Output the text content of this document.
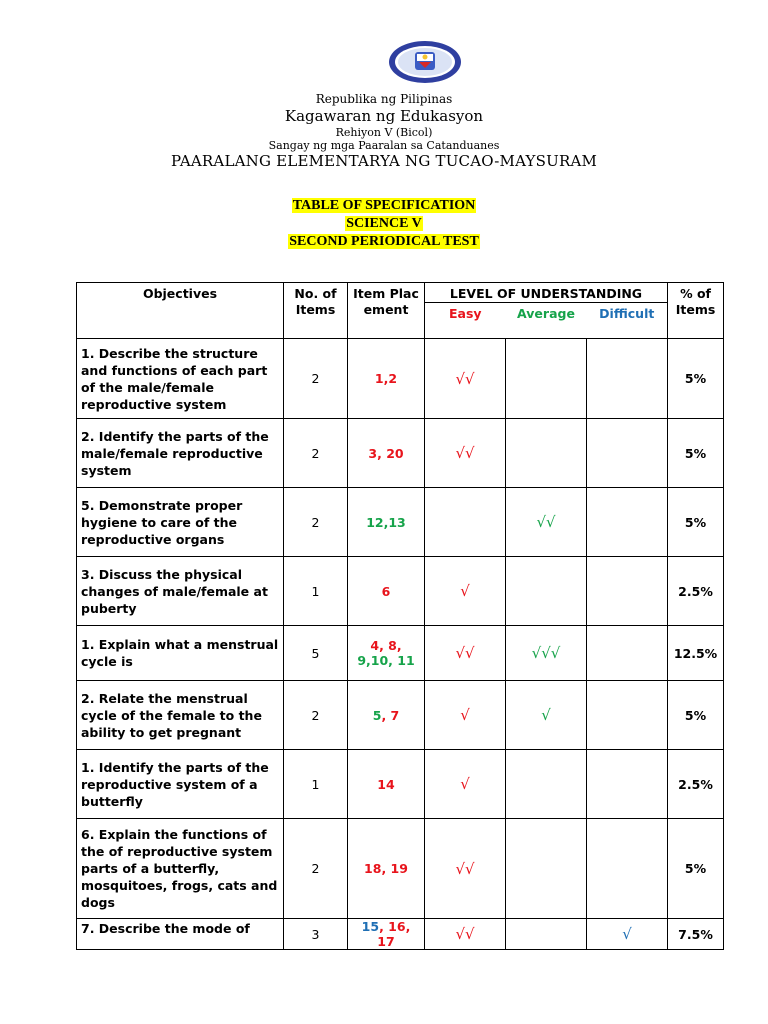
Republika ng Pilipinas
Kagawaran ng Edukasyon
Rehiyon V (Bicol)
Sangay ng mga Paaralan sa Catanduanes
PAARALANG ELEMENTARYA NG TUCAO-MAYSURAM
TABLE OF SPECIFICATION
SCIENCE V
SECOND PERIODICAL TEST
Objectives	No. of Items	Item Placement	LEVEL OF UNDERSTANDING			% of Items
			Easy	Average	Difficult	
1. Describe the structure and functions of each part of the male/female reproductive system	2	1,2	√√			5%
2. Identify the parts of the male/female reproductive system	2	3, 20	√√			5%
5. Demonstrate proper hygiene to care of the reproductive organs	2	12,13		√√		5%
3. Discuss the physical changes of male/female at puberty	1	6	√			2.5%
1. Explain what a menstrual cycle is	5	4, 8, 9,10, 11	√√	√√√		12.5%
2. Relate the menstrual cycle of the female to the ability to get pregnant	2	5, 7	√	√		5%
1. Identify the parts of the reproductive system of a butterfly	1	14	√			2.5%
6. Explain the functions of the of reproductive system parts of a butterfly, mosquitoes, frogs, cats and dogs	2	18, 19	√√			5%
7. Describe the mode of	3	15, 16, 17	√√		√	7.5%
